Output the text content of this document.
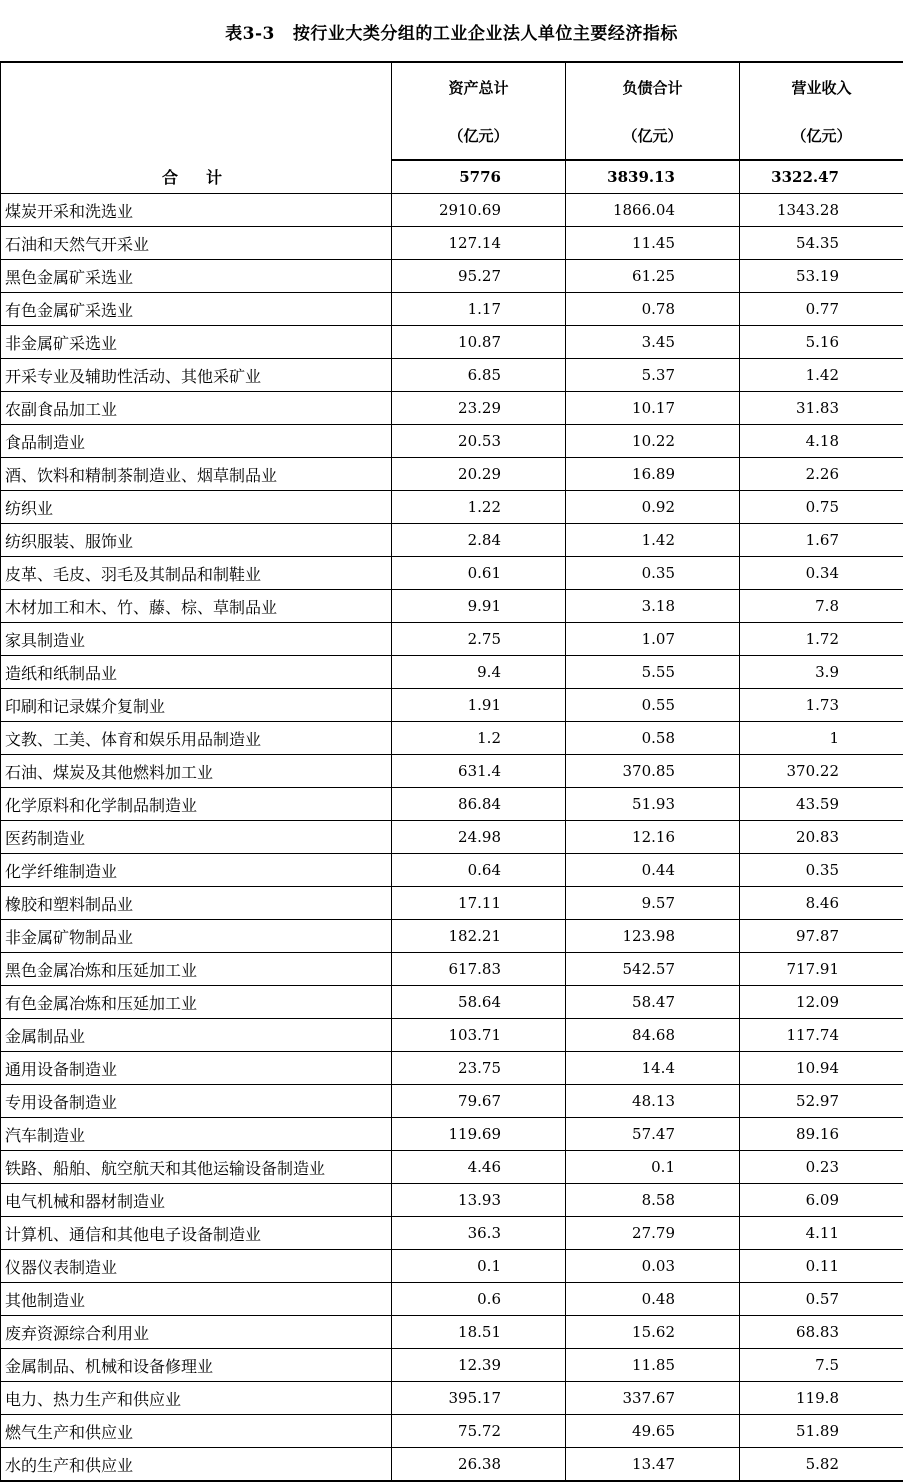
表3-3 按行业大类分组的工业企业法人单位主要经济指标
	资产总计	负债合计	营业收入
	（亿元）	（亿元）	（亿元）
合计	5776	3839.13	3322.47
煤炭开采和洗选业	2910.69	1866.04	1343.28
石油和天然气开采业	127.14	11.45	54.35
黑色金属矿采选业	95.27	61.25	53.19
有色金属矿采选业	1.17	0.78	0.77
非金属矿采选业	10.87	3.45	5.16
开采专业及辅助性活动、其他采矿业	6.85	5.37	1.42
农副食品加工业	23.29	10.17	31.83
食品制造业	20.53	10.22	4.18
酒、饮料和精制茶制造业、烟草制品业	20.29	16.89	2.26
纺织业	1.22	0.92	0.75
纺织服装、服饰业	2.84	1.42	1.67
皮革、毛皮、羽毛及其制品和制鞋业	0.61	0.35	0.34
木材加工和木、竹、藤、棕、草制品业	9.91	3.18	7.8
家具制造业	2.75	1.07	1.72
造纸和纸制品业	9.4	5.55	3.9
印刷和记录媒介复制业	1.91	0.55	1.73
文教、工美、体育和娱乐用品制造业	1.2	0.58	1
石油、煤炭及其他燃料加工业	631.4	370.85	370.22
化学原料和化学制品制造业	86.84	51.93	43.59
医药制造业	24.98	12.16	20.83
化学纤维制造业	0.64	0.44	0.35
橡胶和塑料制品业	17.11	9.57	8.46
非金属矿物制品业	182.21	123.98	97.87
黑色金属冶炼和压延加工业	617.83	542.57	717.91
有色金属冶炼和压延加工业	58.64	58.47	12.09
金属制品业	103.71	84.68	117.74
通用设备制造业	23.75	14.4	10.94
专用设备制造业	79.67	48.13	52.97
汽车制造业	119.69	57.47	89.16
铁路、船舶、航空航天和其他运输设备制造业	4.46	0.1	0.23
电气机械和器材制造业	13.93	8.58	6.09
计算机、通信和其他电子设备制造业	36.3	27.79	4.11
仪器仪表制造业	0.1	0.03	0.11
其他制造业	0.6	0.48	0.57
废弃资源综合利用业	18.51	15.62	68.83
金属制品、机械和设备修理业	12.39	11.85	7.5
电力、热力生产和供应业	395.17	337.67	119.8
燃气生产和供应业	75.72	49.65	51.89
水的生产和供应业	26.38	13.47	5.82
